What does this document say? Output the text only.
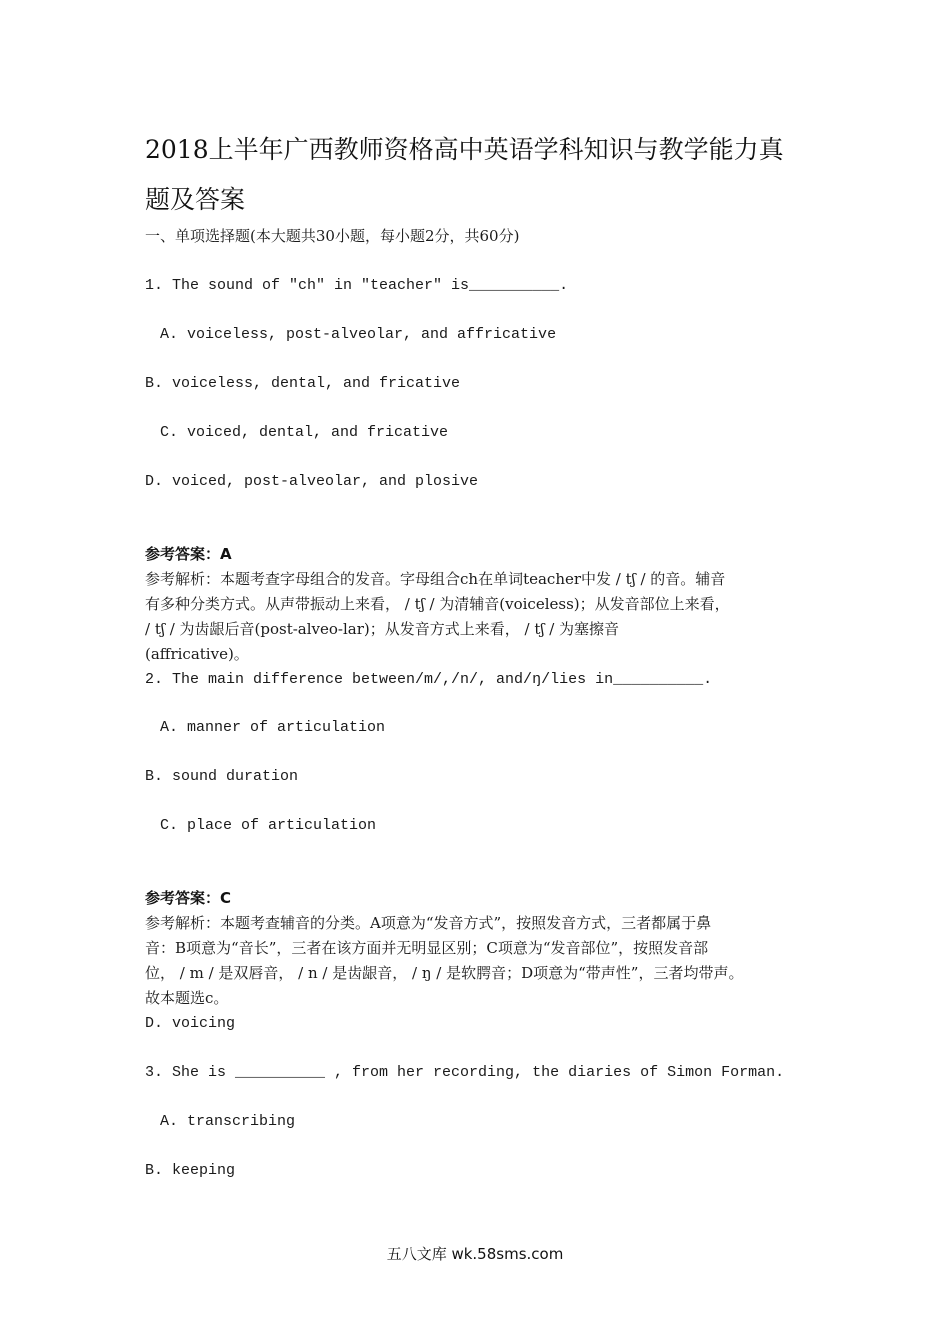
2018上半年广西教师资格高中英语学科知识与教学能力真
题及答案
一、单项选择题(本大题共30小题，每小题2分，共60分)
1. The sound of "ch" in "teacher" is__________.
A. voiceless, post-alveolar, and affricative
B. voiceless, dental, and fricative
C. voiced, dental, and fricative
D. voiced, post-alveolar, and plosive
参考答案：A
参考解析：本题考查字母组合的发音。字母组合ch在单词teacher中发 / tʃ / 的音。辅音
有多种分类方式。从声带振动上来看， / tʃ / 为清辅音(voiceless)；从发音部位上来看，
/ tʃ / 为齿龈后音(post-alveo-lar)；从发音方式上来看， / tʃ / 为塞擦音
(affricative)。
2. The main difference between/m/,/n/, and/ŋ/lies in__________.
A. manner of articulation
B. sound duration
C. place of articulation
参考答案：C
参考解析：本题考查辅音的分类。A项意为“发音方式”，按照发音方式，三者都属于鼻
音：B项意为“音长”，三者在该方面并无明显区别；C项意为“发音部位”，按照发音部
位， / m / 是双唇音， / n / 是齿龈音， / ŋ / 是软腭音；D项意为“带声性”，三者均带声。
故本题选c。
D. voicing
3. She is __________ , from her recording, the diaries of Simon Forman.
A. transcribing
B. keeping
五八文库 wk.58sms.com
